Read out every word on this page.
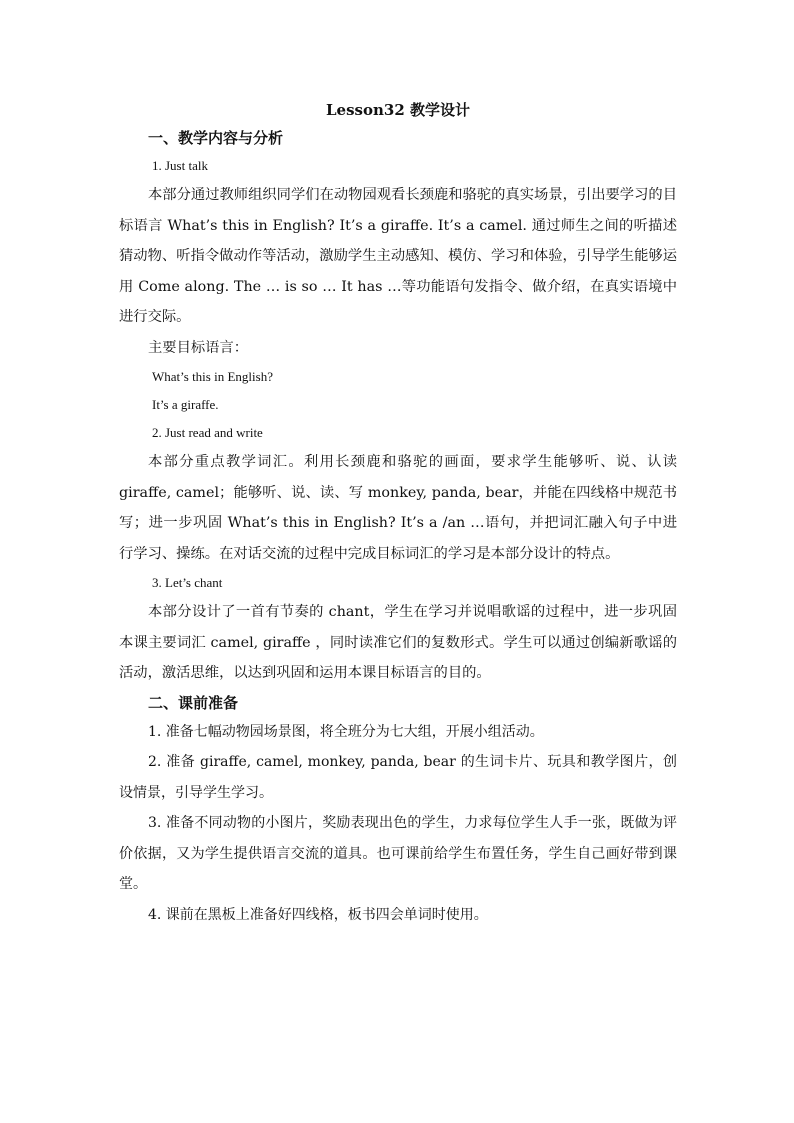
Lesson32 教学设计

一、教学内容与分析

1. Just talk

本部分通过教师组织同学们在动物园观看长颈鹿和骆驼的真实场景，引出要学习的目标语言 What’s this in English? It’s a giraffe. It’s a camel. 通过师生之间的听描述猜动物、听指令做动作等活动，激励学生主动感知、模仿、学习和体验，引导学生能够运用 Come along. The … is so … It has …等功能语句发指令、做介绍，在真实语境中进行交际。

主要目标语言：

What’s this in English?

It’s a giraffe.

2. Just read and write

本部分重点教学词汇。利用长颈鹿和骆驼的画面，要求学生能够听、说、认读 giraffe, camel；能够听、说、读、写 monkey, panda, bear，并能在四线格中规范书写；进一步巩固 What’s this in English? It’s a /an …语句，并把词汇融入句子中进行学习、操练。在对话交流的过程中完成目标词汇的学习是本部分设计的特点。

3. Let’s chant

本部分设计了一首有节奏的 chant，学生在学习并说唱歌谣的过程中，进一步巩固本课主要词汇 camel, giraffe ，同时读准它们的复数形式。学生可以通过创编新歌谣的活动，激活思维，以达到巩固和运用本课目标语言的目的。

二、课前准备

1. 准备七幅动物园场景图，将全班分为七大组，开展小组活动。

2. 准备 giraffe, camel, monkey, panda, bear 的生词卡片、玩具和教学图片，创设情景，引导学生学习。

3. 准备不同动物的小图片，奖励表现出色的学生，力求每位学生人手一张，既做为评价依据，又为学生提供语言交流的道具。也可课前给学生布置任务，学生自己画好带到课堂。

4. 课前在黑板上准备好四线格，板书四会单词时使用。
